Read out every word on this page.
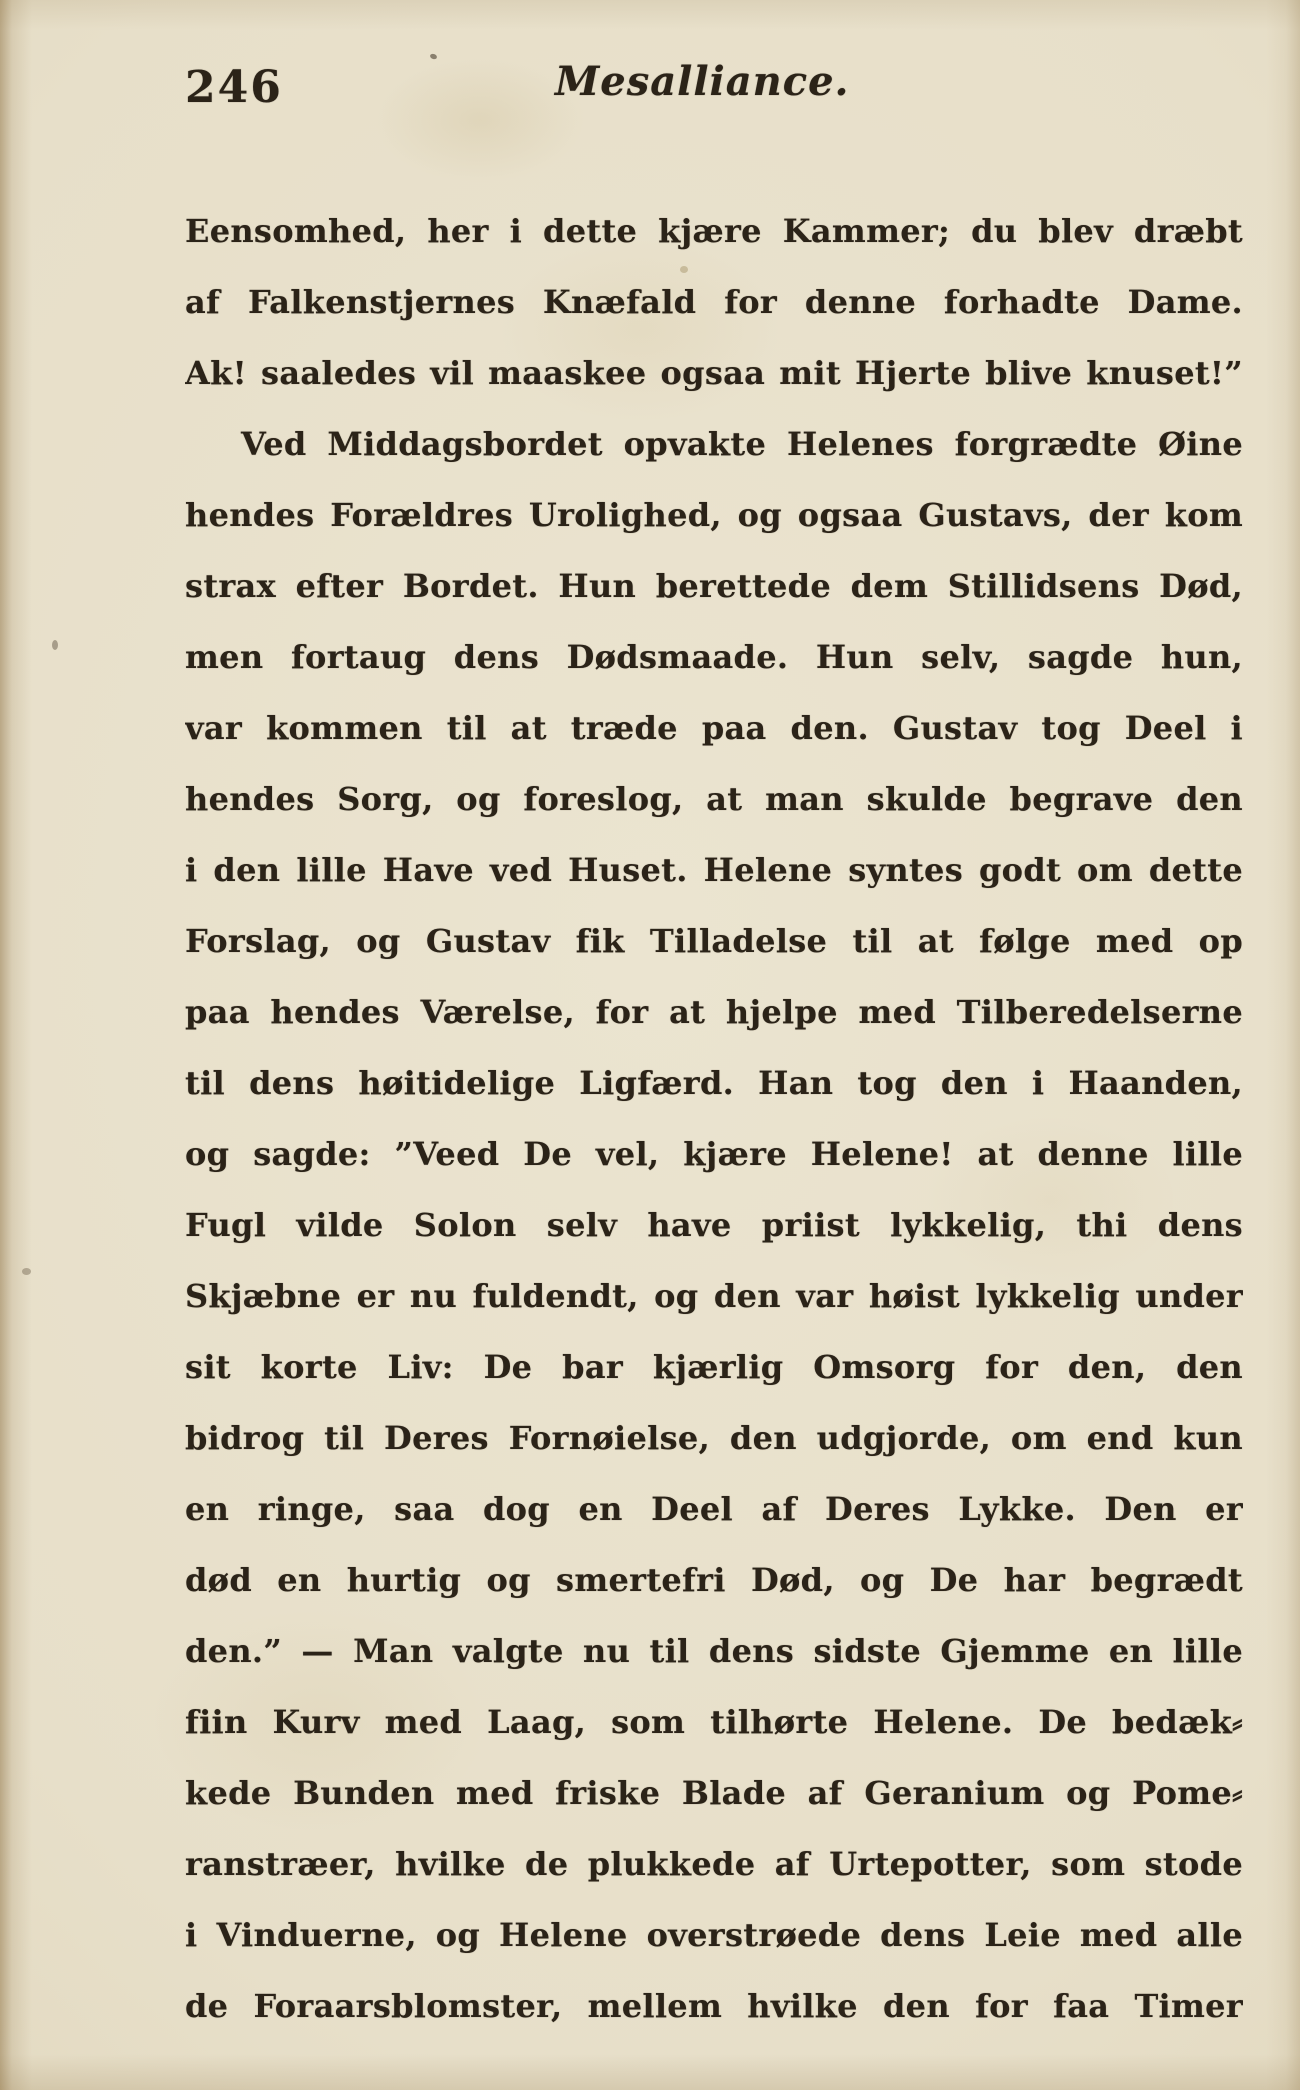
246	Mesalliance.
Eensomhed, her i dette kjære Kammer; du blev dræbt
af Falkenstjernes Knæfald for denne forhadte Dame.
Ak! saaledes vil maaskee ogsaa mit Hjerte blive knuset!”
Ved Middagsbordet opvakte Helenes forgrædte Øine
hendes Forældres Urolighed, og ogsaa Gustavs, der kom
strax efter Bordet. Hun berettede dem Stillidsens Død,
men fortaug dens Dødsmaade. Hun selv, sagde hun,
var kommen til at træde paa den. Gustav tog Deel i
hendes Sorg, og foreslog, at man skulde begrave den
i den lille Have ved Huset. Helene syntes godt om dette
Forslag, og Gustav fik Tilladelse til at følge med op
paa hendes Værelse, for at hjelpe med Tilberedelserne
til dens høitidelige Ligfærd. Han tog den i Haanden,
og sagde: ”Veed De vel, kjære Helene! at denne lille
Fugl vilde Solon selv have priist lykkelig, thi dens
Skjæbne er nu fuldendt, og den var høist lykkelig under
sit korte Liv: De bar kjærlig Omsorg for den, den
bidrog til Deres Fornøielse, den udgjorde, om end kun
en ringe, saa dog en Deel af Deres Lykke. Den er
død en hurtig og smertefri Død, og De har begrædt
den.” — Man valgte nu til dens sidste Gjemme en lille
fiin Kurv med Laag, som tilhørte Helene. De bedæk⸗
kede Bunden med friske Blade af Geranium og Pome⸗
ranstræer, hvilke de plukkede af Urtepotter, som stode
i Vinduerne, og Helene overstrøede dens Leie med alle
de Foraarsblomster, mellem hvilke den for faa Timer
